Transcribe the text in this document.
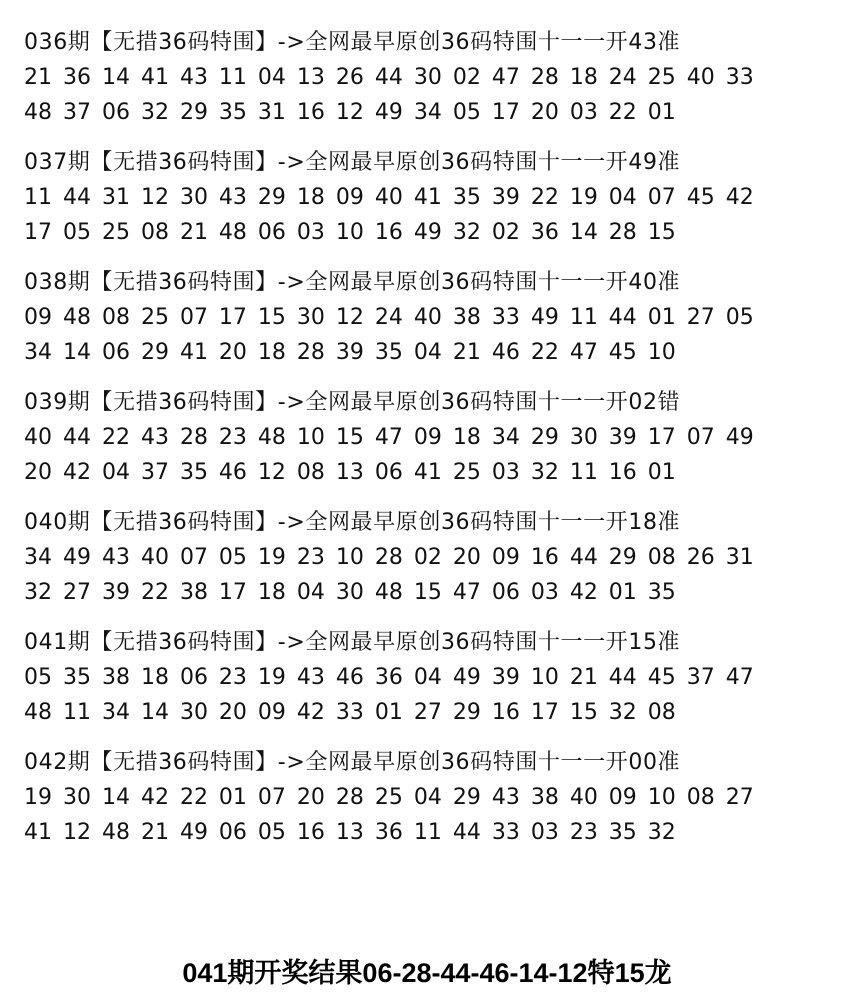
036期【无措36码特围】->全网最早原创36码特围十一一开43准
21 36 14 41 43 11 04 13 26 44 30 02 47 28 18 24 25 40 33
48 37 06 32 29 35 31 16 12 49 34 05 17 20 03 22 01
037期【无措36码特围】->全网最早原创36码特围十一一开49准
11 44 31 12 30 43 29 18 09 40 41 35 39 22 19 04 07 45 42
17 05 25 08 21 48 06 03 10 16 49 32 02 36 14 28 15
038期【无措36码特围】->全网最早原创36码特围十一一开40准
09 48 08 25 07 17 15 30 12 24 40 38 33 49 11 44 01 27 05
34 14 06 29 41 20 18 28 39 35 04 21 46 22 47 45 10
039期【无措36码特围】->全网最早原创36码特围十一一开02错
40 44 22 43 28 23 48 10 15 47 09 18 34 29 30 39 17 07 49
20 42 04 37 35 46 12 08 13 06 41 25 03 32 11 16 01
040期【无措36码特围】->全网最早原创36码特围十一一开18准
34 49 43 40 07 05 19 23 10 28 02 20 09 16 44 29 08 26 31
32 27 39 22 38 17 18 04 30 48 15 47 06 03 42 01 35
041期【无措36码特围】->全网最早原创36码特围十一一开15准
05 35 38 18 06 23 19 43 46 36 04 49 39 10 21 44 45 37 47
48 11 34 14 30 20 09 42 33 01 27 29 16 17 15 32 08
042期【无措36码特围】->全网最早原创36码特围十一一开00准
19 30 14 42 22 01 07 20 28 25 04 29 43 38 40 09 10 08 27
41 12 48 21 49 06 05 16 13 36 11 44 33 03 23 35 32
041期开奖结果06-28-44-46-14-12特15龙
